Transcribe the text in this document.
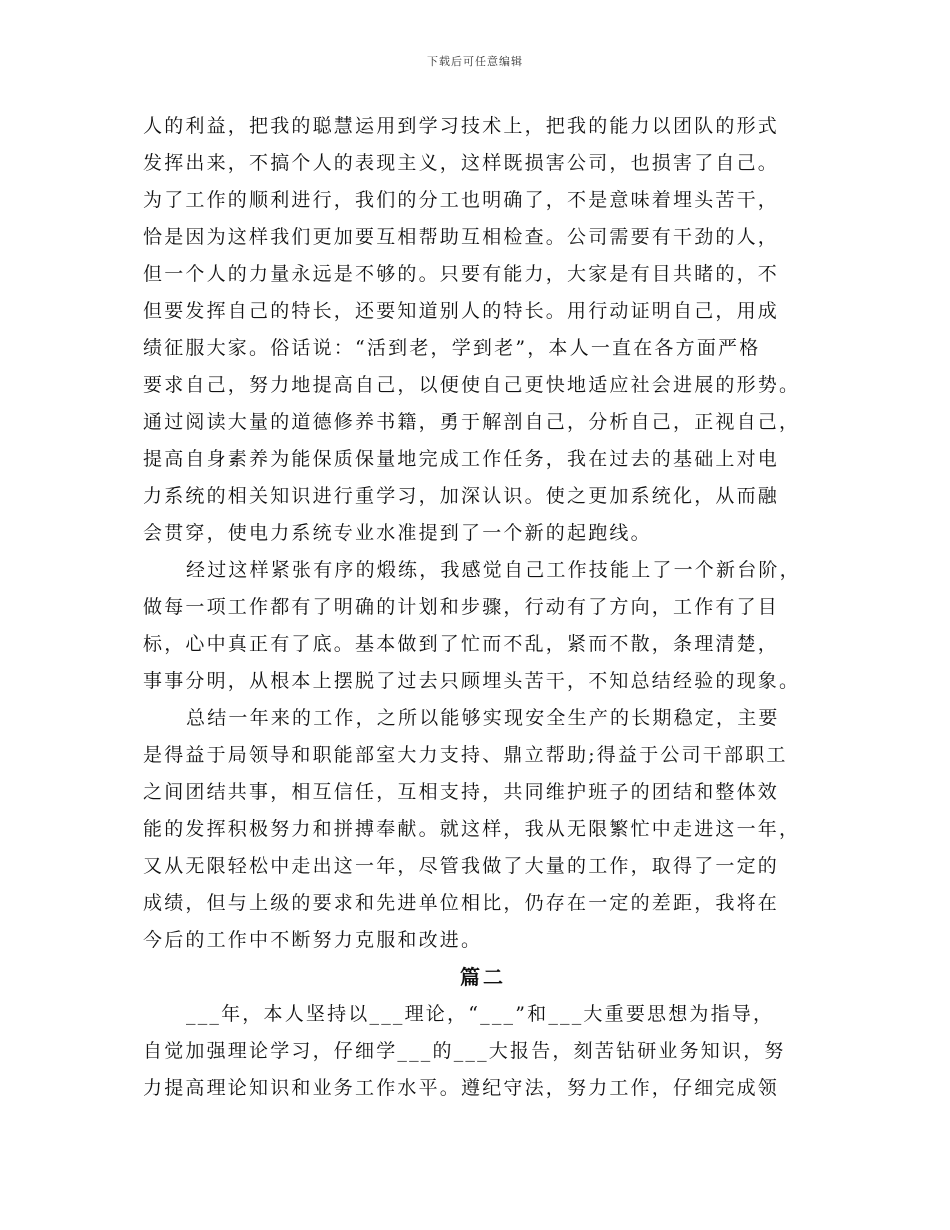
下载后可任意编辑
人的利益，把我的聪慧运用到学习技术上，把我的能力以团队的形式
发挥出来，不搞个人的表现主义，这样既损害公司，也损害了自己。
为了工作的顺利进行，我们的分工也明确了，不是意味着埋头苦干，
恰是因为这样我们更加要互相帮助互相检查。公司需要有干劲的人，
但一个人的力量永远是不够的。只要有能力，大家是有目共睹的，不
但要发挥自己的特长，还要知道别人的特长。用行动证明自己，用成
绩征服大家。俗话说：“活到老，学到老”，本人一直在各方面严格
要求自己，努力地提高自己，以便使自己更快地适应社会进展的形势。
通过阅读大量的道德修养书籍，勇于解剖自己，分析自己，正视自己，
提高自身素养为能保质保量地完成工作任务，我在过去的基础上对电
力系统的相关知识进行重学习，加深认识。使之更加系统化，从而融
会贯穿，使电力系统专业水准提到了一个新的起跑线。
经过这样紧张有序的煅练，我感觉自己工作技能上了一个新台阶，
做每一项工作都有了明确的计划和步骤，行动有了方向，工作有了目
标，心中真正有了底。基本做到了忙而不乱，紧而不散，条理清楚，
事事分明，从根本上摆脱了过去只顾埋头苦干，不知总结经验的现象。
总结一年来的工作，之所以能够实现安全生产的长期稳定，主要
是得益于局领导和职能部室大力支持、鼎立帮助;得益于公司干部职工
之间团结共事，相互信任，互相支持，共同维护班子的团结和整体效
能的发挥积极努力和拼搏奉献。就这样，我从无限繁忙中走进这一年，
又从无限轻松中走出这一年，尽管我做了大量的工作，取得了一定的
成绩，但与上级的要求和先进单位相比，仍存在一定的差距，我将在
今后的工作中不断努力克服和改进。
篇二
___年，本人坚持以___理论，“___”和___大重要思想为指导，
自觉加强理论学习，仔细学___的___大报告，刻苦钻研业务知识，努
力提高理论知识和业务工作水平。遵纪守法，努力工作，仔细完成领
